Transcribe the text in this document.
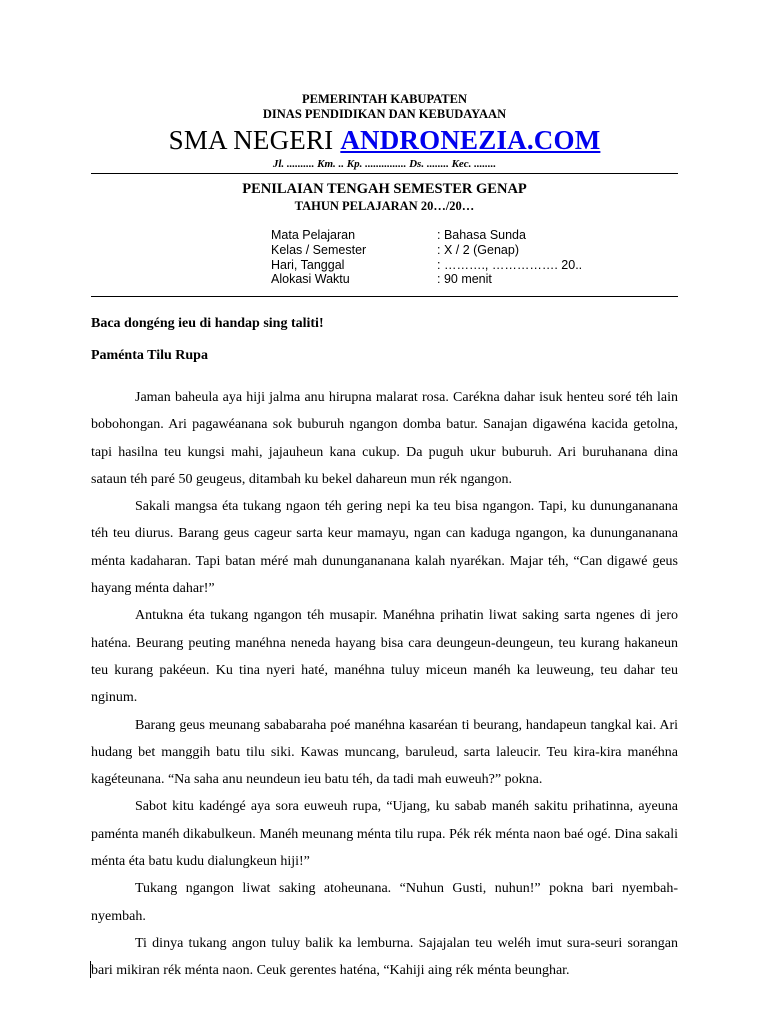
PEMERINTAH KABUPATEN
DINAS PENDIDIKAN DAN KEBUDAYAAN
SMA NEGERI ANDRONEZIA.COM
Jl. .......... Km. .. Kp. ............... Ds. ........ Kec. ........
PENILAIAN TENGAH SEMESTER GENAP
TAHUN PELAJARAN 20…/20…
Mata Pelajaran	: Bahasa Sunda
Kelas / Semester	: X / 2 (Genap)
Hari, Tanggal	: ………., ……………. 20..
Alokasi Waktu	: 90 menit
Baca dongéng ieu di handap sing taliti!
Paménta Tilu Rupa

Jaman baheula aya hiji jalma anu hirupna malarat rosa. Carékna dahar isuk henteu soré téh lain bobohongan. Ari pagawéanana sok buburuh ngangon domba batur. Sanajan digawéna kacida getolna, tapi hasilna teu kungsi mahi, jajauheun kana cukup. Da puguh ukur buburuh. Ari buruhanana dina sataun téh paré 50 geugeus, ditambah ku bekel dahareun mun rék ngangon.

Sakali mangsa éta tukang ngaon téh gering nepi ka teu bisa ngangon. Tapi, ku dunungananana téh teu diurus. Barang geus cageur sarta keur mamayu, ngan can kaduga ngangon, ka dunungananana ménta kadaharan. Tapi batan méré mah dunungananana kalah nyarékan. Majar téh, “Can digawé geus hayang ménta dahar!”

Antukna éta tukang ngangon téh musapir. Manéhna prihatin liwat saking sarta ngenes di jero haténa. Beurang peuting manéhna neneda hayang bisa cara deungeun-deungeun, teu kurang hakaneun teu kurang pakéeun. Ku tina nyeri haté, manéhna tuluy miceun manéh ka leuweung, teu dahar teu nginum.

Barang geus meunang sababaraha poé manéhna kasaréan ti beurang, handapeun tangkal kai. Ari hudang bet manggih batu tilu siki. Kawas muncang, baruleud, sarta laleucir. Teu kira-kira manéhna kagéteunana. “Na saha anu neundeun ieu batu téh, da tadi mah euweuh?” pokna.

Sabot kitu kadéngé aya sora euweuh rupa, “Ujang, ku sabab manéh sakitu prihatinna, ayeuna paménta manéh dikabulkeun. Manéh meunang ménta tilu rupa. Pék rék ménta naon baé ogé. Dina sakali ménta éta batu kudu dialungkeun hiji!”

Tukang ngangon liwat saking atoheunana. “Nuhun Gusti, nuhun!” pokna bari nyembah-nyembah.

Ti dinya tukang angon tuluy balik ka lemburna. Sajajalan teu weléh imut sura-seuri sorangan bari mikiran rék ménta naon. Ceuk gerentes haténa, “Kahiji aing rék ménta beunghar.
